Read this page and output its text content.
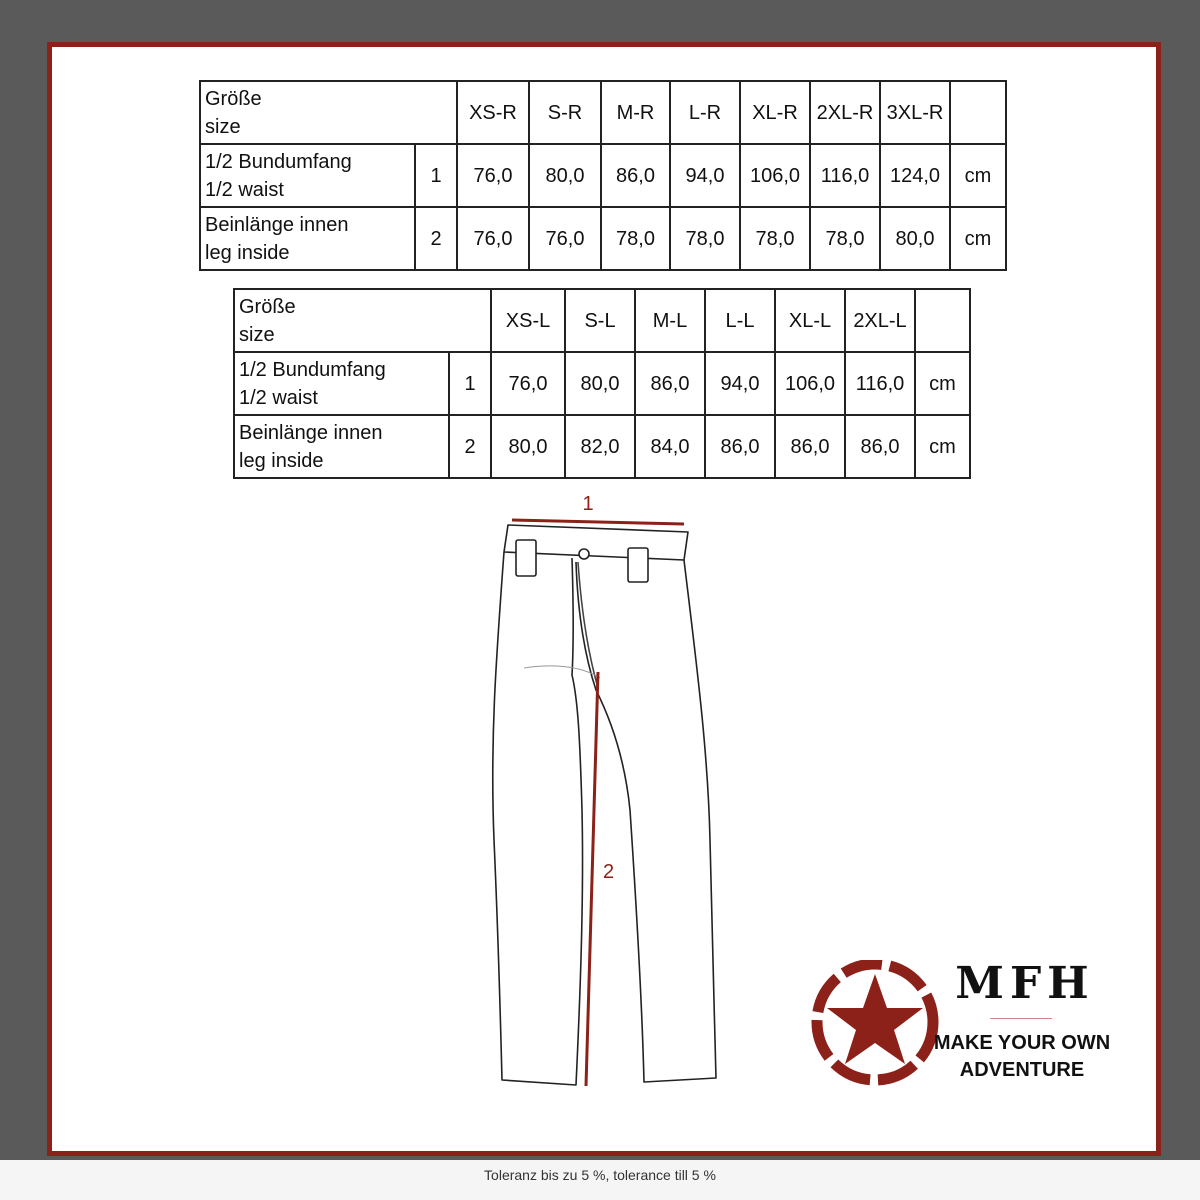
Größe
size		XS-R	S-R	M-R	L-R	XL-R	2XL-R	3XL-R	
1/2 Bundumfang
1/2 waist	1	76,0	80,0	86,0	94,0	106,0	116,0	124,0	cm
Beinlänge innen
leg inside	2	76,0	76,0	78,0	78,0	78,0	78,0	80,0	cm
Größe
size		XS-L	S-L	M-L	L-L	XL-L	2XL-L	
1/2 Bundumfang
1/2 waist	1	76,0	80,0	86,0	94,0	106,0	116,0	cm
Beinlänge innen
leg inside	2	80,0	82,0	84,0	86,0	86,0	86,0	cm
1
2
MFH
MAKE YOUR OWN
ADVENTURE
Toleranz bis zu 5 %, tolerance till 5 %
